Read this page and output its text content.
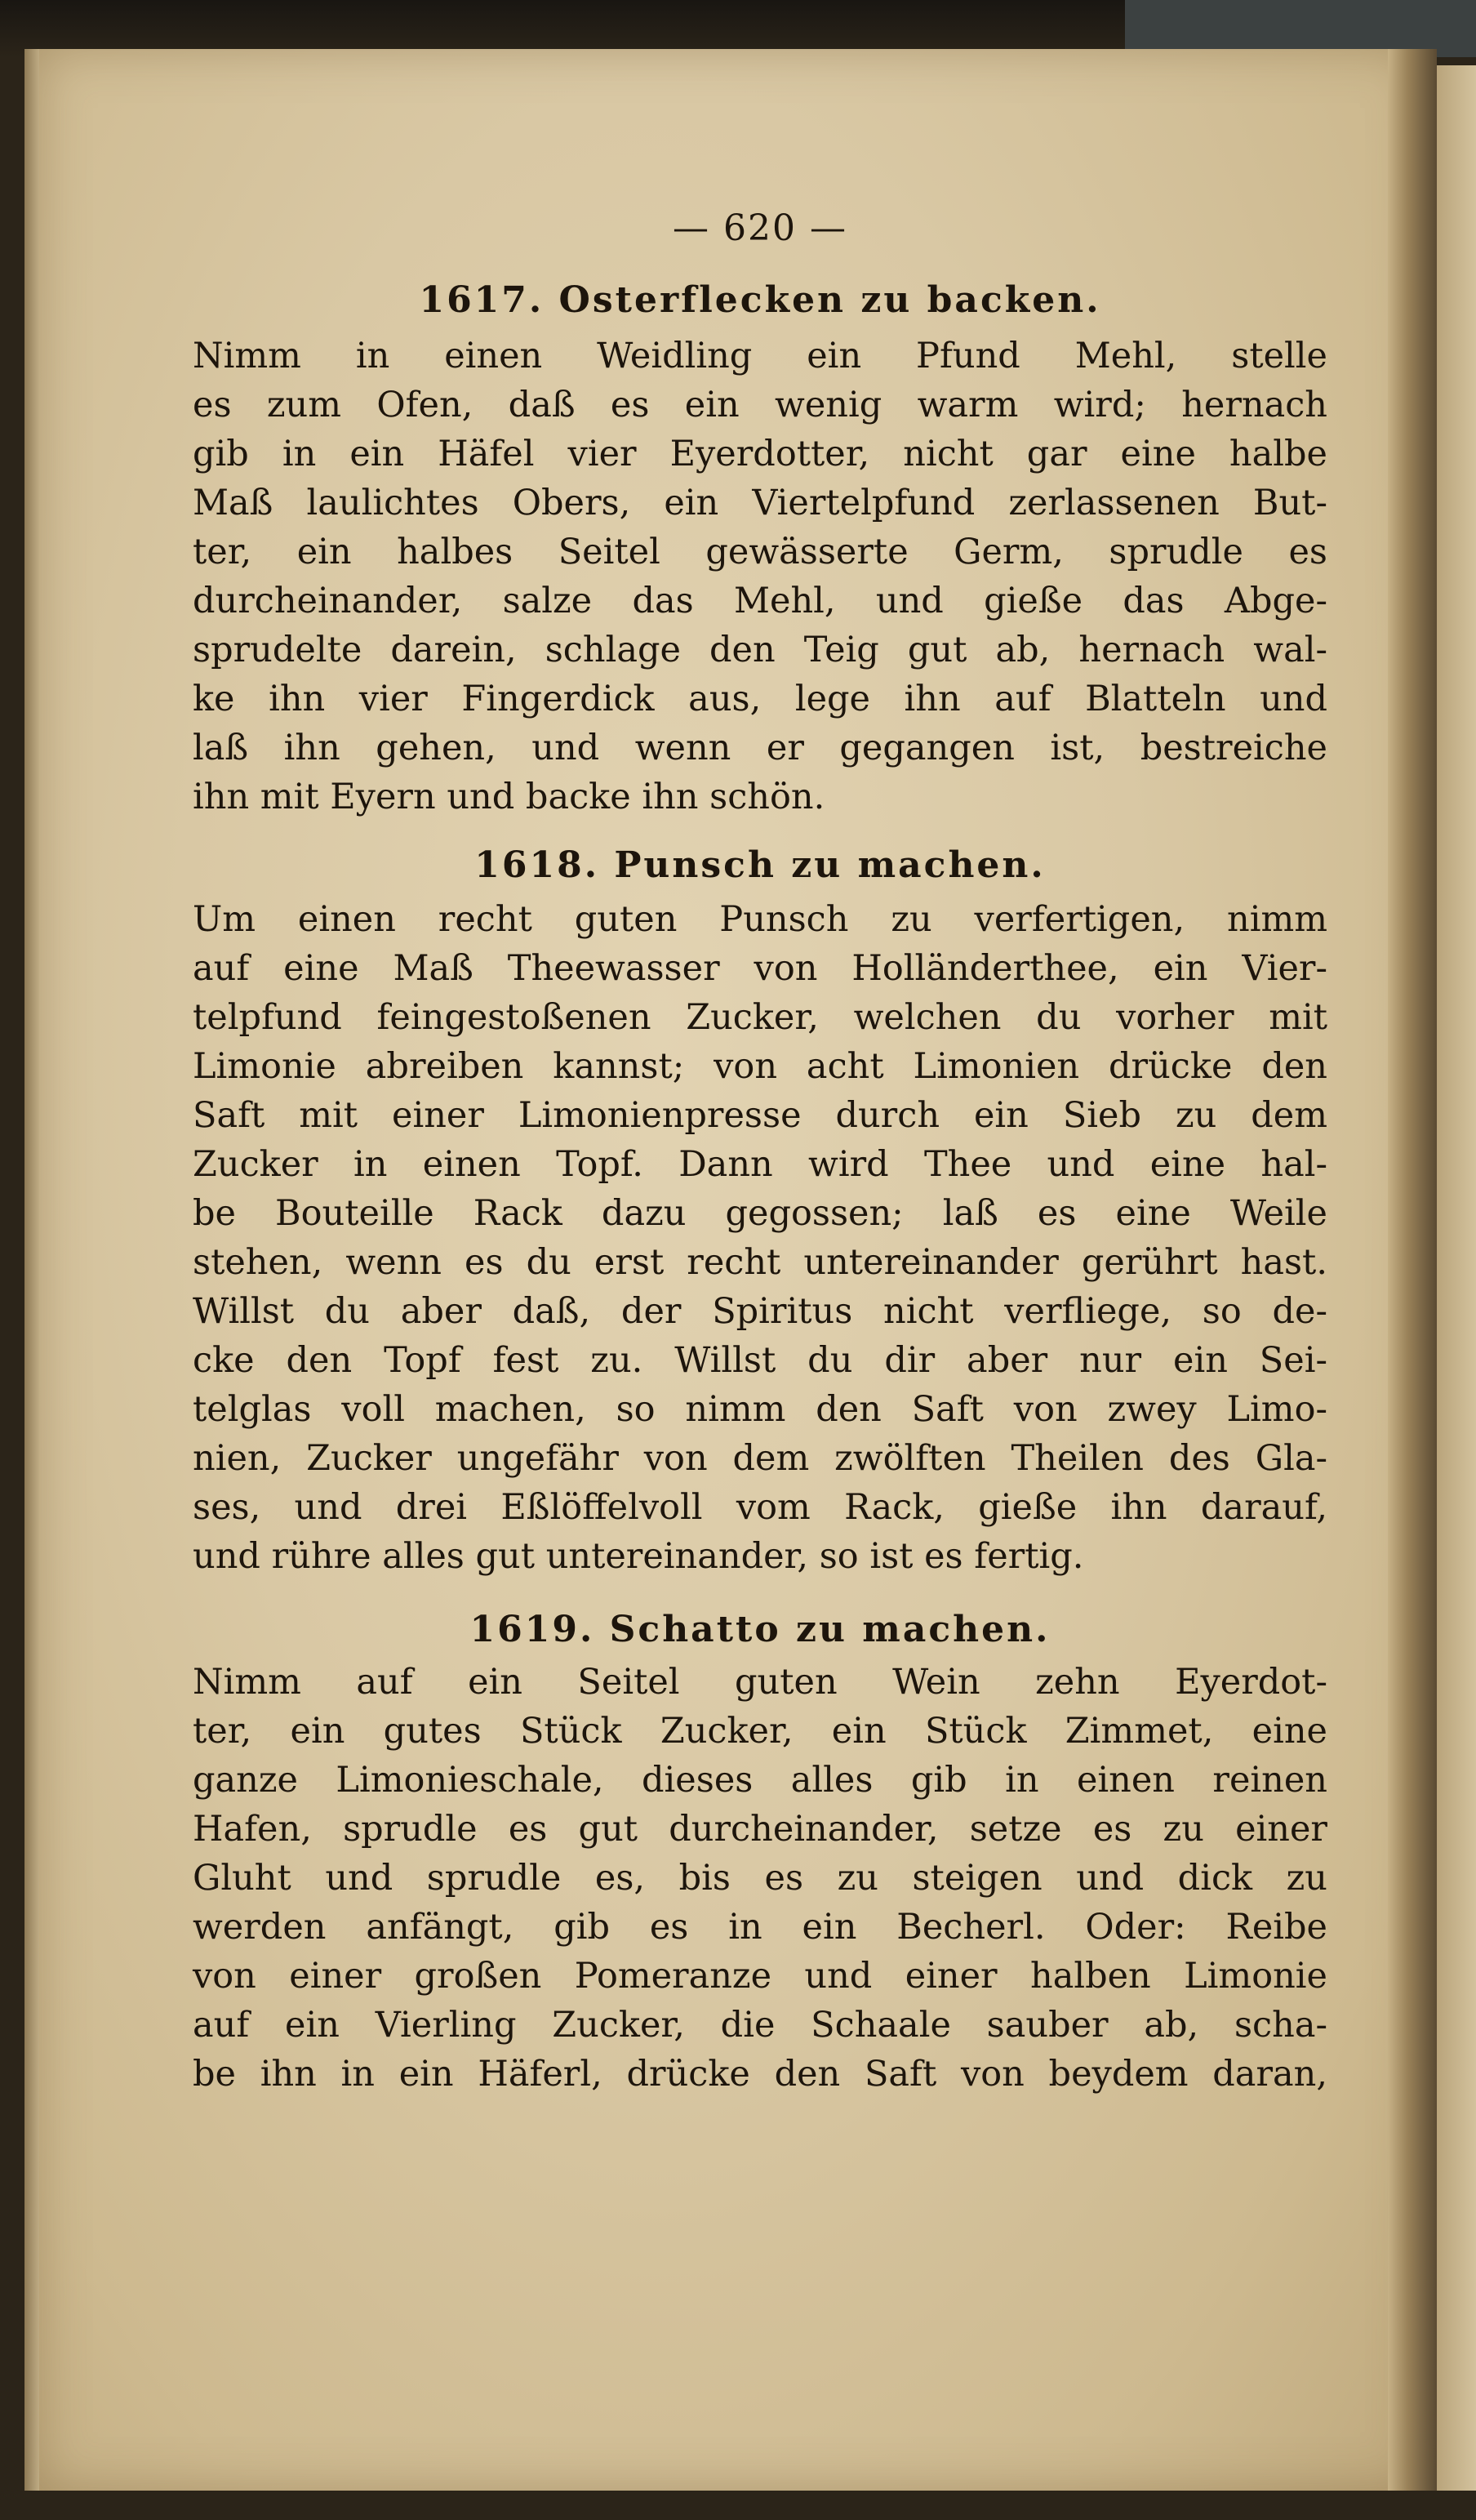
— 620 —
1617. Osterflecken zu backen.
Nimm in einen Weidling ein Pfund Mehl, stelle
es zum Ofen, daß es ein wenig warm wird; hernach
gib in ein Häfel vier Eyerdotter, nicht gar eine halbe
Maß laulichtes Obers, ein Viertelpfund zerlassenen But-
ter, ein halbes Seitel gewässerte Germ, sprudle es
durcheinander, salze das Mehl, und gieße das Abge-
sprudelte darein, schlage den Teig gut ab, hernach wal-
ke ihn vier Fingerdick aus, lege ihn auf Blatteln und
laß ihn gehen, und wenn er gegangen ist, bestreiche
ihn mit Eyern und backe ihn schön.
1618. Punsch zu machen.
Um einen recht guten Punsch zu verfertigen, nimm
auf eine Maß Theewasser von Holländerthee, ein Vier-
telpfund feingestoßenen Zucker, welchen du vorher mit
Limonie abreiben kannst; von acht Limonien drücke den
Saft mit einer Limonienpresse durch ein Sieb zu dem
Zucker in einen Topf. Dann wird Thee und eine hal-
be Bouteille Rack dazu gegossen; laß es eine Weile
stehen, wenn es du erst recht untereinander gerührt hast.
Willst du aber daß, der Spiritus nicht verfliege, so de-
cke den Topf fest zu. Willst du dir aber nur ein Sei-
telglas voll machen, so nimm den Saft von zwey Limo-
nien, Zucker ungefähr von dem zwölften Theilen des Gla-
ses, und drei Eßlöffelvoll vom Rack, gieße ihn darauf,
und rühre alles gut untereinander, so ist es fertig.
1619. Schatto zu machen.
Nimm auf ein Seitel guten Wein zehn Eyerdot-
ter, ein gutes Stück Zucker, ein Stück Zimmet, eine
ganze Limonieschale, dieses alles gib in einen reinen
Hafen, sprudle es gut durcheinander, setze es zu einer
Gluht und sprudle es, bis es zu steigen und dick zu
werden anfängt, gib es in ein Becherl. Oder: Reibe
von einer großen Pomeranze und einer halben Limonie
auf ein Vierling Zucker, die Schaale sauber ab, scha-
be ihn in ein Häferl, drücke den Saft von beydem daran,
